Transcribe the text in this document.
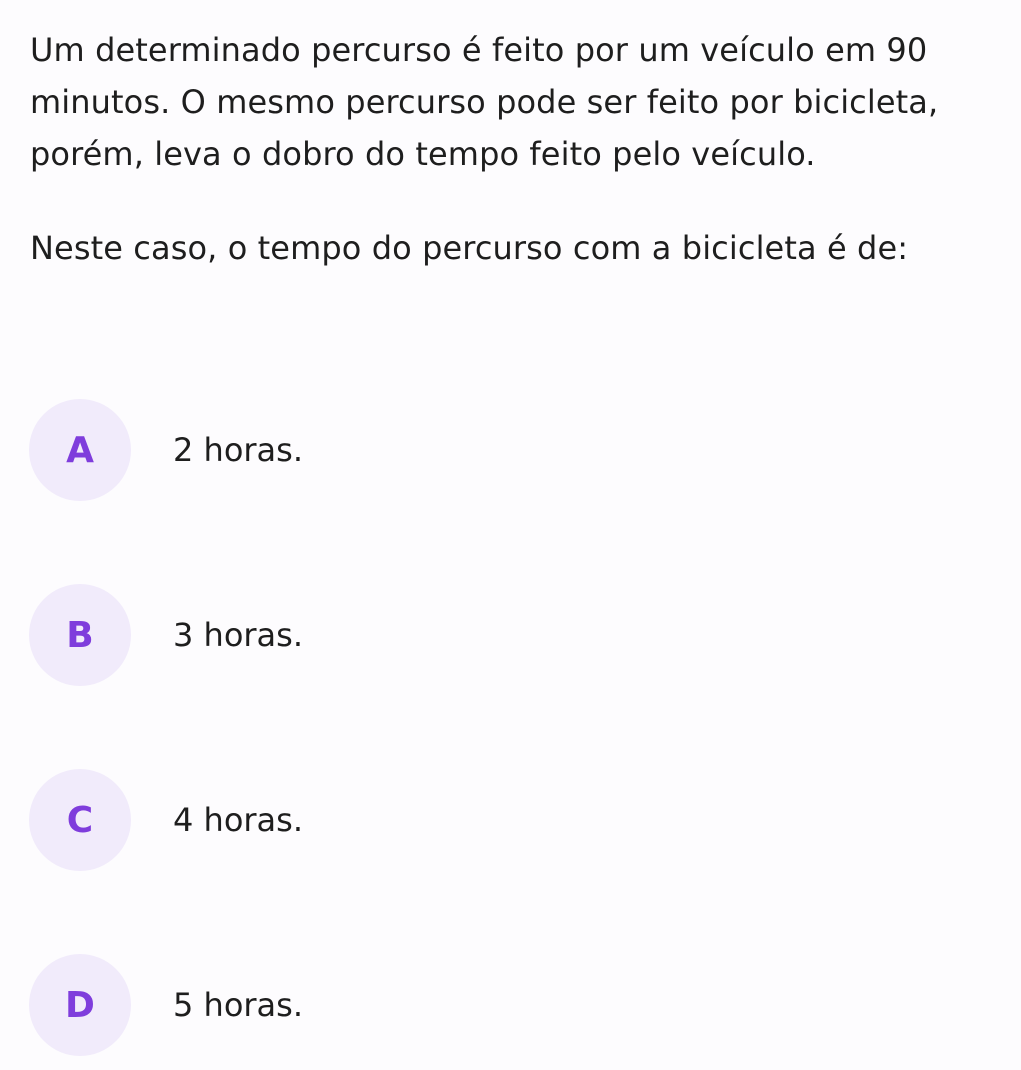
Um determinado percurso é feito por um veículo em 90 minutos. O mesmo percurso pode ser feito por bicicleta, porém, leva o dobro do tempo feito pelo veículo.

Neste caso, o tempo do percurso com a bicicleta é de:

A 2 horas.
B 3 horas.
C 4 horas.
D 5 horas.
